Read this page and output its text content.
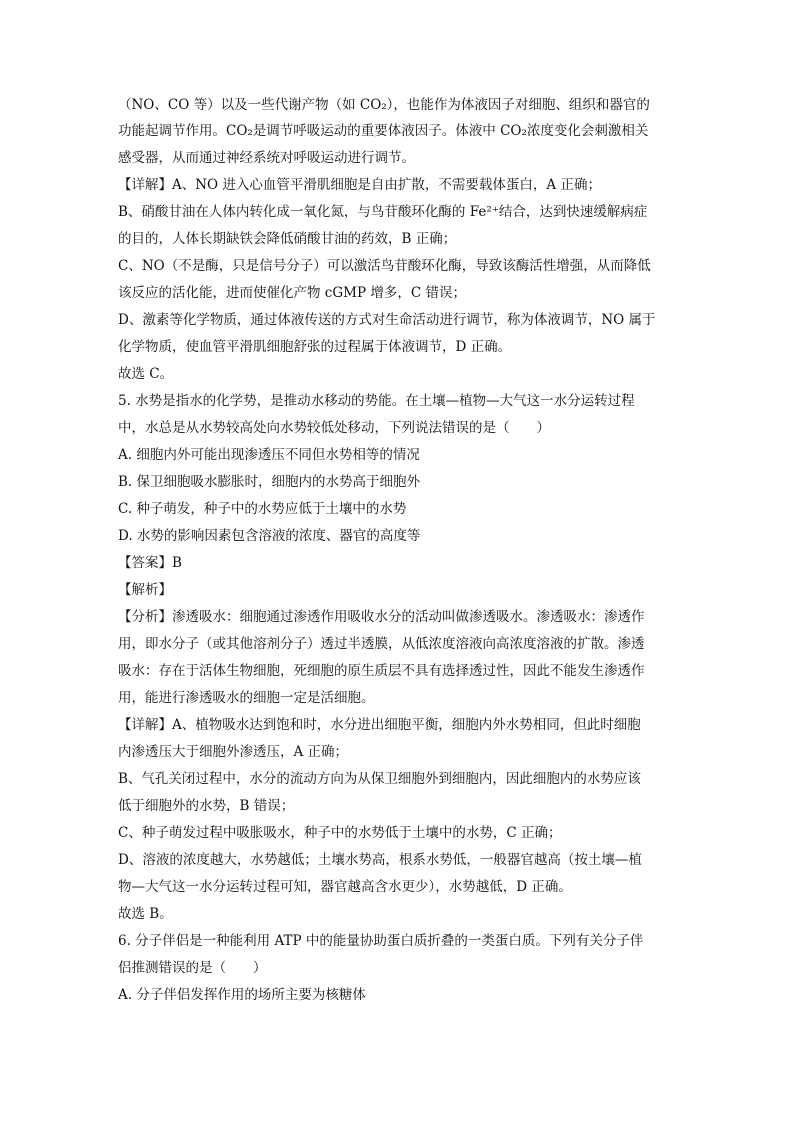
（NO、CO 等）以及一些代谢产物（如 CO₂），也能作为体液因子对细胞、组织和器官的
功能起调节作用。CO₂是调节呼吸运动的重要体液因子。体液中 CO₂浓度变化会刺激相关
感受器，从而通过神经系统对呼吸运动进行调节。
【详解】A、NO 进入心血管平滑肌细胞是自由扩散，不需要载体蛋白，A 正确；
B、硝酸甘油在人体内转化成一氧化氮，与鸟苷酸环化酶的 Fe²⁺结合，达到快速缓解病症
的目的，人体长期缺铁会降低硝酸甘油的药效，B 正确；
C、NO（不是酶，只是信号分子）可以激活鸟苷酸环化酶，导致该酶活性增强，从而降低
该反应的活化能，进而使催化产物 cGMP 增多，C 错误；
D、激素等化学物质，通过体液传送的方式对生命活动进行调节，称为体液调节，NO 属于
化学物质，使血管平滑肌细胞舒张的过程属于体液调节，D 正确。
故选 C。
5. 水势是指水的化学势，是推动水移动的势能。在土壤—植物—大气这一水分运转过程
中，水总是从水势较高处向水势较低处移动，下列说法错误的是（　　）
A. 细胞内外可能出现渗透压不同但水势相等的情况
B. 保卫细胞吸水膨胀时，细胞内的水势高于细胞外
C. 种子萌发，种子中的水势应低于土壤中的水势
D. 水势的影响因素包含溶液的浓度、器官的高度等
【答案】B
【解析】
【分析】渗透吸水：细胞通过渗透作用吸收水分的活动叫做渗透吸水。渗透吸水：渗透作
用，即水分子（或其他溶剂分子）透过半透膜，从低浓度溶液向高浓度溶液的扩散。渗透
吸水：存在于活体生物细胞，死细胞的原生质层不具有选择透过性，因此不能发生渗透作
用，能进行渗透吸水的细胞一定是活细胞。
【详解】A、植物吸水达到饱和时，水分进出细胞平衡，细胞内外水势相同，但此时细胞
内渗透压大于细胞外渗透压，A 正确；
B、气孔关闭过程中，水分的流动方向为从保卫细胞外到细胞内，因此细胞内的水势应该
低于细胞外的水势，B 错误；
C、种子萌发过程中吸胀吸水，种子中的水势低于土壤中的水势，C 正确；
D、溶液的浓度越大，水势越低；土壤水势高，根系水势低，一般器官越高（按土壤—植
物—大气这一水分运转过程可知，器官越高含水更少），水势越低，D 正确。
故选 B。
6. 分子伴侣是一种能利用 ATP 中的能量协助蛋白质折叠的一类蛋白质。下列有关分子伴
侣推测错误的是（　　）
A. 分子伴侣发挥作用的场所主要为核糖体
